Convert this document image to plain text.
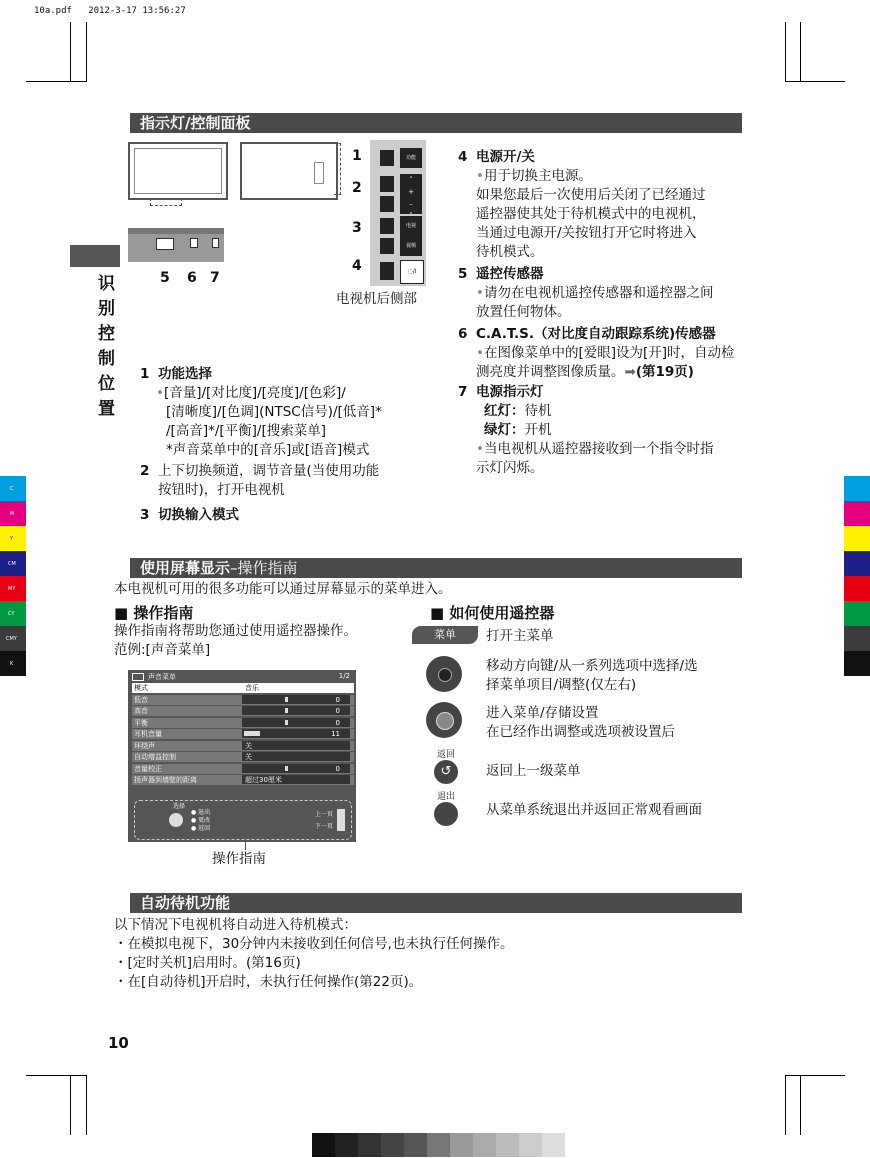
10a.pdf 2012-3-17 13:56:27
C
M
Y
CM
MY
CY
CMY
K
识
别
控
制
位
置
指示灯/控制面板
5 6 7
功能
˄
+
–

电视
视频
◌/I
1
2
3
4
电视机后侧部
1 功能选择
•[音量]/[对比度]/[亮度]/[色彩]/
[清晰度]/[色调](NTSC信号)/[低音]*
/[高音]*/[平衡]/[搜索菜单]
*声音菜单中的[音乐]或[语音]模式
2 上下切换频道，调节音量(当使用功能
按钮时)，打开电视机
3 切换输入模式
4 电源开/关
•用于切换主电源。
如果您最后一次使用后关闭了已经通过
遥控器使其处于待机模式中的电视机，
当通过电源开/关按钮打开它时将进入
待机模式。
5 遥控传感器
•请勿在电视机遥控传感器和遥控器之间
放置任何物体。
6 C.A.T.S.（对比度自动跟踪系统)传感器
•在图像菜单中的[爱眼]设为[开]时，自动检
测亮度并调整图像质量。➡(第19页)
7 电源指示灯
红灯：待机
绿灯：开机
•当电视机从遥控器接收到一个指令时指
示灯闪烁。
使用屏幕显示–操作指南
本电视机可用的很多功能可以通过屏幕显示的菜单进入。
■ 操作指南
操作指南将帮助您通过使用遥控器操作。
范例:[声音菜单]
声音菜单	1/2
模式	音乐
低音	0
高音	0
平衡	0
耳机音量	11
环绕声	关
自动增益控制	关
音量校正	0
扬声器到墙壁的距离	超过30厘米
选择
● 退出
● 更改
● 返回
上一页
下一页
操作指南
■ 如何使用遥控器
菜单	打开主菜单
移动方向键/从一系列选项中选择/选
择菜单项目/调整(仅左右)
进入菜单/存储设置
在已经作出调整或选项被设置后
返回
↺	返回上一级菜单
退出
从菜单系统退出并返回正常观看画面
自动待机功能
以下情况下电视机将自动进入待机模式：
・在模拟电视下，30分钟内未接收到任何信号,也未执行任何操作。
・[定时关机]启用时。(第16页)
・在[自动待机]开启时，未执行任何操作(第22页)。
10
